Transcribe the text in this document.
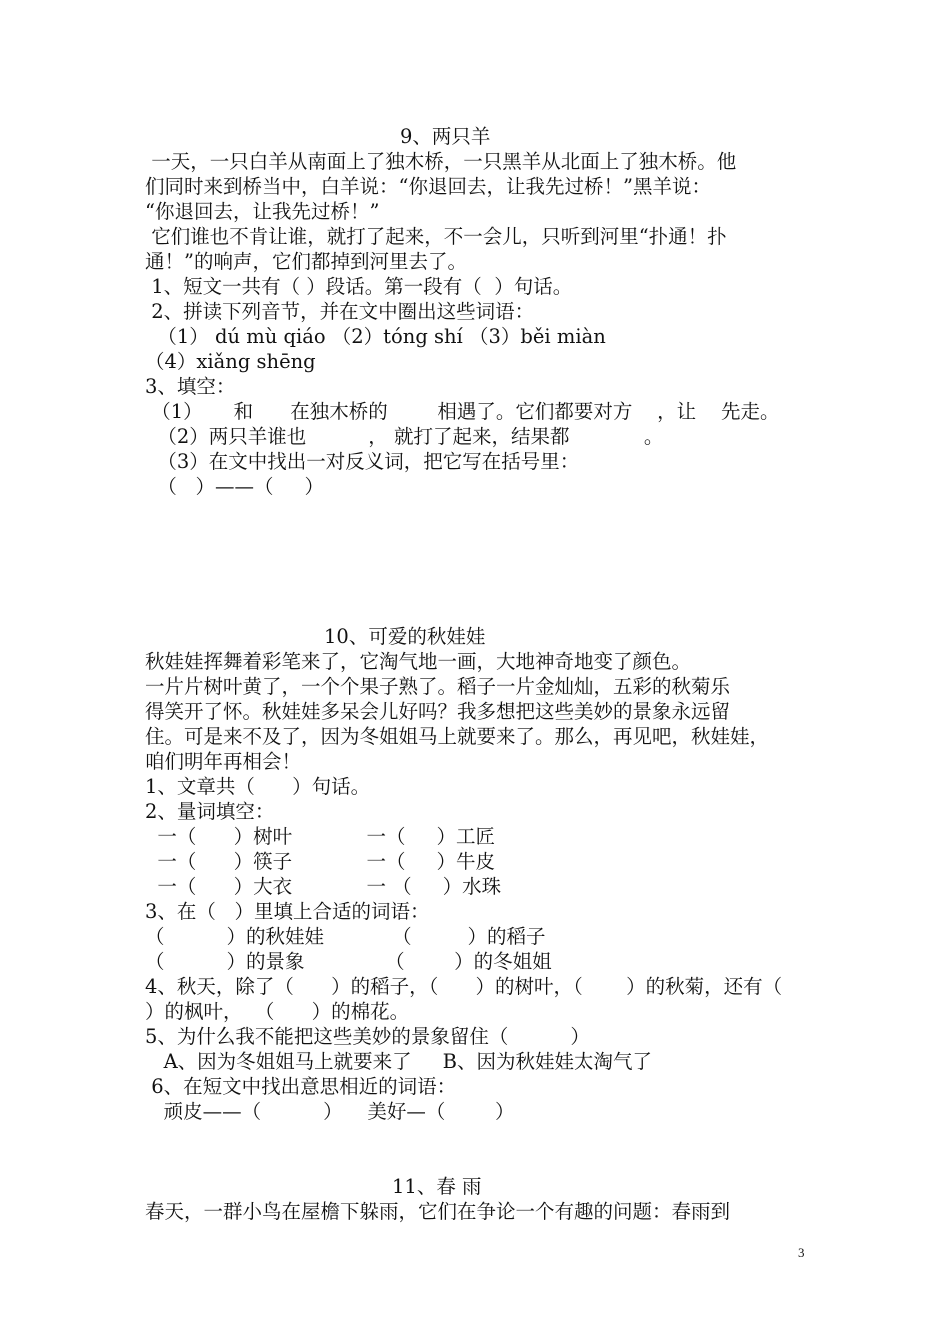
9、两只羊
一天，一只白羊从南面上了独木桥，一只黑羊从北面上了独木桥。他
们同时来到桥当中，白羊说：“你退回去，让我先过桥！”黑羊说：
“你退回去，让我先过桥！”
它们谁也不肯让谁，就打了起来，不一会儿，只听到河里“扑通！扑
通！”的响声，它们都掉到河里去了。
1、短文一共有（ ）段话。第一段有（  ）句话。
2、拼读下列音节，并在文中圈出这些词语：
（1） dú mù qiáo （2）tóng shí （3）běi miàn
（4）xiǎng shēng
3、填空：
（1）     和      在独木桥的        相遇了。它们都要对方    ，让    先走。
（2）两只羊谁也          ， 就打了起来，结果都            。
（3）在文中找出一对反义词，把它写在括号里：
（   ）——（     ）
10、可爱的秋娃娃
秋娃娃挥舞着彩笔来了，它淘气地一画，大地神奇地变了颜色。
一片片树叶黄了，一个个果子熟了。稻子一片金灿灿，五彩的秋菊乐
得笑开了怀。秋娃娃多呆会儿好吗？我多想把这些美妙的景象永远留
住。可是来不及了，因为冬姐姐马上就要来了。那么，再见吧，秋娃娃，
咱们明年再相会！
1、文章共（      ）句话。
2、量词填空：
一（      ）树叶            一（     ）工匠
一（      ）筷子            一（     ）牛皮
一（      ）大衣            一 （     ）水珠
3、在（   ）里填上合适的词语：
（          ）的秋娃娃           （         ）的稻子
（          ）的景象             （        ）的冬姐姐
4、秋天，除了（      ）的稻子，（      ）的树叶，（       ）的秋菊，还有（
）的枫叶，  （      ）的棉花。
5、为什么我不能把这些美妙的景象留住（          ）
A、因为冬姐姐马上就要来了     B、因为秋娃娃太淘气了
6、在短文中找出意思相近的词语：
顽皮——（          ）    美好—（        ）
11、春 雨
春天，一群小鸟在屋檐下躲雨，它们在争论一个有趣的问题：春雨到
3
